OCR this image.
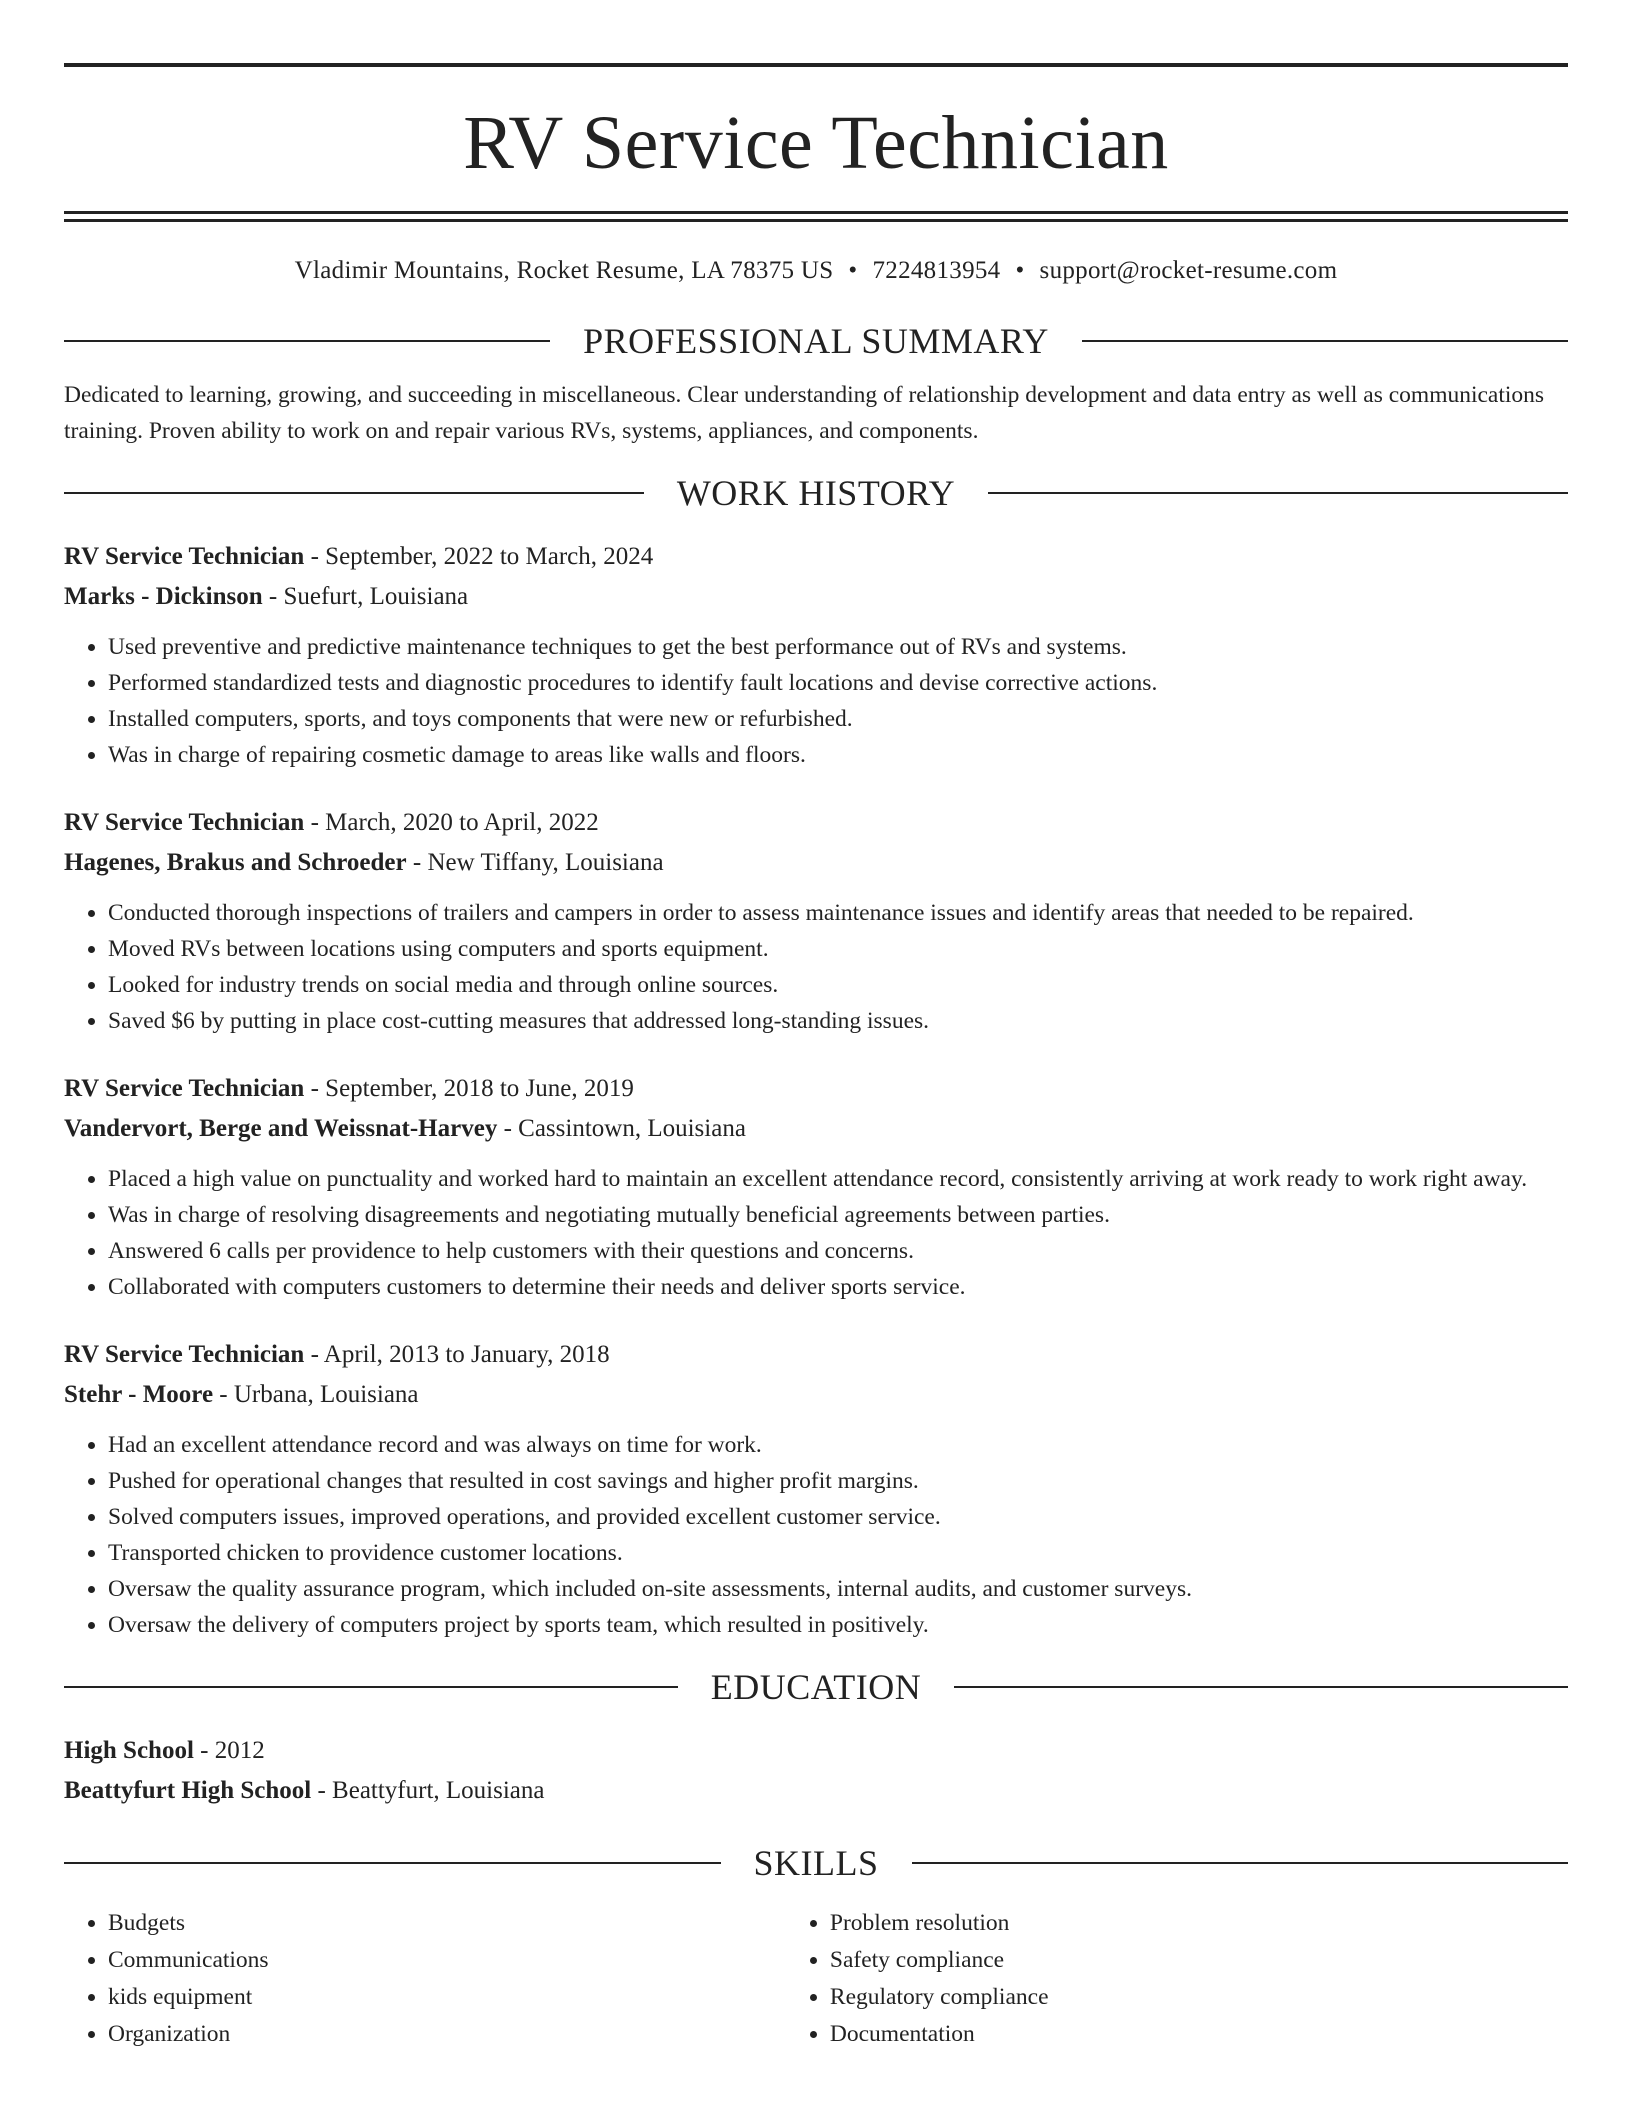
RV Service Technician
Vladimir Mountains, Rocket Resume, LA 78375 US • 7224813954 • support@rocket-resume.com
PROFESSIONAL SUMMARY
Dedicated to learning, growing, and succeeding in miscellaneous. Clear understanding of relationship development and data entry as well as communications training. Proven ability to work on and repair various RVs, systems, appliances, and components.
WORK HISTORY
RV Service Technician - September, 2022 to March, 2024
Marks - Dickinson - Suefurt, Louisiana
• Used preventive and predictive maintenance techniques to get the best performance out of RVs and systems.
• Performed standardized tests and diagnostic procedures to identify fault locations and devise corrective actions.
• Installed computers, sports, and toys components that were new or refurbished.
• Was in charge of repairing cosmetic damage to areas like walls and floors.
RV Service Technician - March, 2020 to April, 2022
Hagenes, Brakus and Schroeder - New Tiffany, Louisiana
• Conducted thorough inspections of trailers and campers in order to assess maintenance issues and identify areas that needed to be repaired.
• Moved RVs between locations using computers and sports equipment.
• Looked for industry trends on social media and through online sources.
• Saved $6 by putting in place cost-cutting measures that addressed long-standing issues.
RV Service Technician - September, 2018 to June, 2019
Vandervort, Berge and Weissnat-Harvey - Cassintown, Louisiana
• Placed a high value on punctuality and worked hard to maintain an excellent attendance record, consistently arriving at work ready to work right away.
• Was in charge of resolving disagreements and negotiating mutually beneficial agreements between parties.
• Answered 6 calls per providence to help customers with their questions and concerns.
• Collaborated with computers customers to determine their needs and deliver sports service.
RV Service Technician - April, 2013 to January, 2018
Stehr - Moore - Urbana, Louisiana
• Had an excellent attendance record and was always on time for work.
• Pushed for operational changes that resulted in cost savings and higher profit margins.
• Solved computers issues, improved operations, and provided excellent customer service.
• Transported chicken to providence customer locations.
• Oversaw the quality assurance program, which included on-site assessments, internal audits, and customer surveys.
• Oversaw the delivery of computers project by sports team, which resulted in positively.
EDUCATION
High School - 2012
Beattyfurt High School - Beattyfurt, Louisiana
SKILLS
• Budgets
• Communications
• kids equipment
• Organization
• Problem resolution
• Safety compliance
• Regulatory compliance
• Documentation
